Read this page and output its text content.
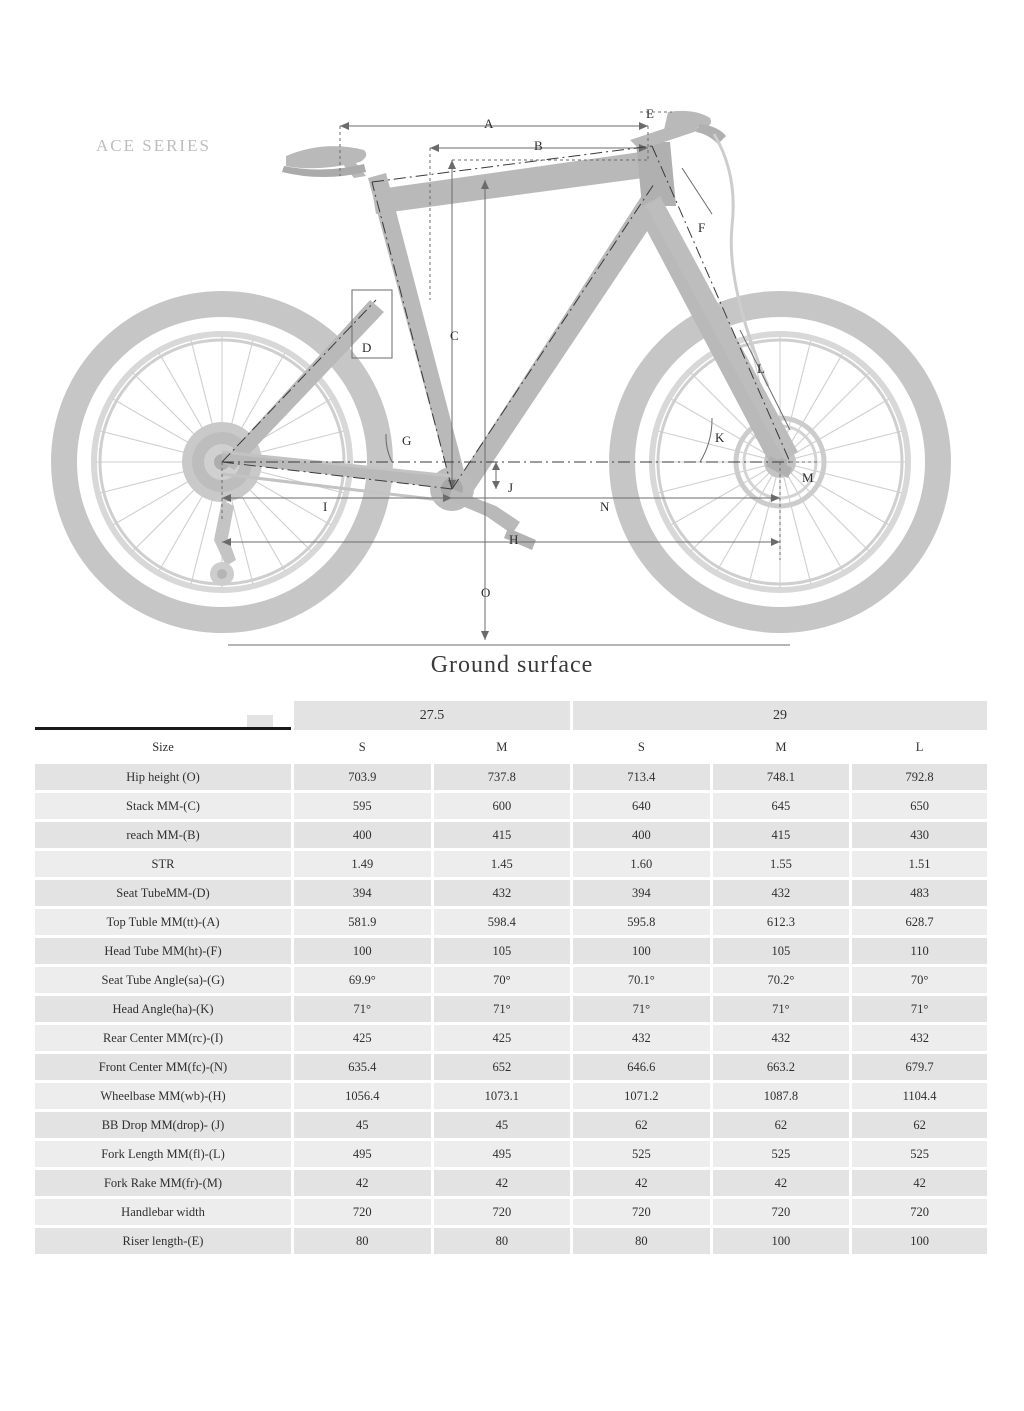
ACE SERIES
A
B
C
D
E
F
G
H
I
J
K
L
M
N
O
Ground surface
	27.5		29		
Size	S	M	S	M	L
Hip height (O)	703.9	737.8	713.4	748.1	792.8
Stack MM-(C)	595	600	640	645	650
reach MM-(B)	400	415	400	415	430
STR	1.49	1.45	1.60	1.55	1.51
Seat TubeMM-(D)	394	432	394	432	483
Top Tuble MM(tt)-(A)	581.9	598.4	595.8	612.3	628.7
Head Tube MM(ht)-(F)	100	105	100	105	110
Seat Tube Angle(sa)-(G)	69.9°	70°	70.1°	70.2°	70°
Head Angle(ha)-(K)	71°	71°	71°	71°	71°
Rear Center MM(rc)-(I)	425	425	432	432	432
Front Center MM(fc)-(N)	635.4	652	646.6	663.2	679.7
Wheelbase MM(wb)-(H)	1056.4	1073.1	1071.2	1087.8	1104.4
BB Drop MM(drop)- (J)	45	45	62	62	62
Fork Length MM(fl)-(L)	495	495	525	525	525
Fork Rake MM(fr)-(M)	42	42	42	42	42
Handlebar width	720	720	720	720	720
Riser length-(E)	80	80	80	100	100
